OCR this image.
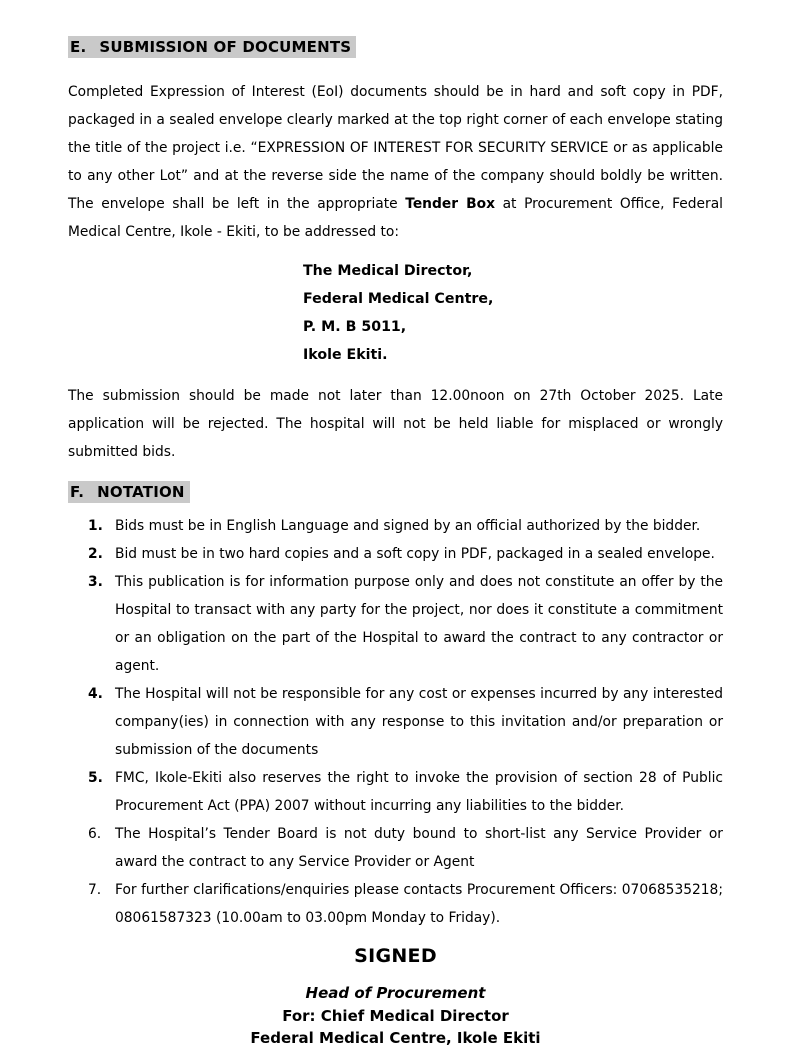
E. SUBMISSION OF DOCUMENTS

Completed Expression of Interest (EoI) documents should be in hard and soft copy in PDF, packaged in a sealed envelope clearly marked at the top right corner of each envelope stating the title of the project i.e. “EXPRESSION OF INTEREST FOR SECURITY SERVICE or as applicable to any other Lot” and at the reverse side the name of the company should boldly be written. The envelope shall be left in the appropriate Tender Box at Procurement Office, Federal Medical Centre, Ikole - Ekiti, to be addressed to:

The Medical Director,
Federal Medical Centre,
P. M. B 5011,
Ikole Ekiti.

The submission should be made not later than 12.00noon on 27th October 2025. Late application will be rejected. The hospital will not be held liable for misplaced or wrongly submitted bids.

F. NOTATION
1. Bids must be in English Language and signed by an official authorized by the bidder.
2. Bid must be in two hard copies and a soft copy in PDF, packaged in a sealed envelope.
3. This publication is for information purpose only and does not constitute an offer by the Hospital to transact with any party for the project, nor does it constitute a commitment or an obligation on the part of the Hospital to award the contract to any contractor or agent.
4. The Hospital will not be responsible for any cost or expenses incurred by any interested company(ies) in connection with any response to this invitation and/or preparation or submission of the documents
5. FMC, Ikole-Ekiti also reserves the right to invoke the provision of section 28 of Public Procurement Act (PPA) 2007 without incurring any liabilities to the bidder.
6.	The Hospital’s Tender Board is not duty bound to short-list any Service Provider or award the contract to any Service Provider or Agent
7.	For further clarifications/enquiries please contacts Procurement Officers: 07068535218; 08061587323 (10.00am to 03.00pm Monday to Friday).
SIGNED
Head of Procurement
For: Chief Medical Director
Federal Medical Centre, Ikole Ekiti
